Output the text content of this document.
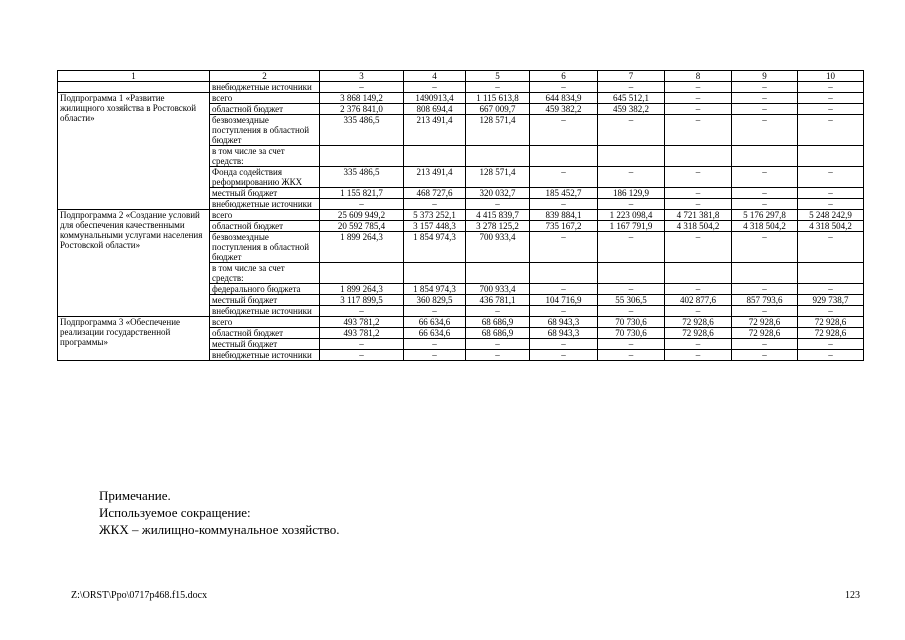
1	2	3	4	5	6	7	8	9	10
	внебюджетные источники	–	–	–	–	–	–	–	–
Подпрограмма 1 «Развитие жилищного хозяйства в Ростовской области»	всего	3 868 149,2	1490913,4	1 115 613,8	644 834,9	645 512,1	–	–	–
	областной бюджет	2 376 841,0	808 694,4	667 009,7	459 382,2	459 382,2	–	–	–
	безвозмездные поступления в областной бюджет	335 486,5	213 491,4	128 571,4	–	–	–	–	–
	в том числе за счет средств:								
	Фонда содействия реформированию ЖКХ	335 486,5	213 491,4	128 571,4	–	–	–	–	–
	местный бюджет	1 155 821,7	468 727,6	320 032,7	185 452,7	186 129,9	–	–	–
	внебюджетные источники	–	–	–	–	–	–	–	–
Подпрограмма 2 «Создание условий для обеспечения качественными коммунальными услугами населения Ростовской области»	всего	25 609 949,2	5 373 252,1	4 415 839,7	839 884,1	1 223 098,4	4 721 381,8	5 176 297,8	5 248 242,9
	областной бюджет	20 592 785,4	3 157 448,3	3 278 125,2	735 167,2	1 167 791,9	4 318 504,2	4 318 504,2	4 318 504,2
	безвозмездные поступления в областной бюджет	1 899 264,3	1 854 974,3	700 933,4	–	–	–	–	–
	в том числе за счет средств:								
	федерального бюджета	1 899 264,3	1 854 974,3	700 933,4	–	–	–	–	–
	местный бюджет	3 117 899,5	360 829,5	436 781,1	104 716,9	55 306,5	402 877,6	857 793,6	929 738,7
	внебюджетные источники	–	–	–	–	–	–	–	–
Подпрограмма 3 «Обеспечение реализации государственной программы»	всего	493 781,2	66 634,6	68 686,9	68 943,3	70 730,6	72 928,6	72 928,6	72 928,6
	областной бюджет	493 781,2	66 634,6	68 686,9	68 943,3	70 730,6	72 928,6	72 928,6	72 928,6
	местный бюджет	–	–	–	–	–	–	–	–
	внебюджетные источники	–	–	–	–	–	–	–	–
Примечание.
Используемое сокращение:
ЖКХ – жилищно-коммунальное хозяйство.
Z:\ORST\Ppo\0717p468.f15.docx	123
